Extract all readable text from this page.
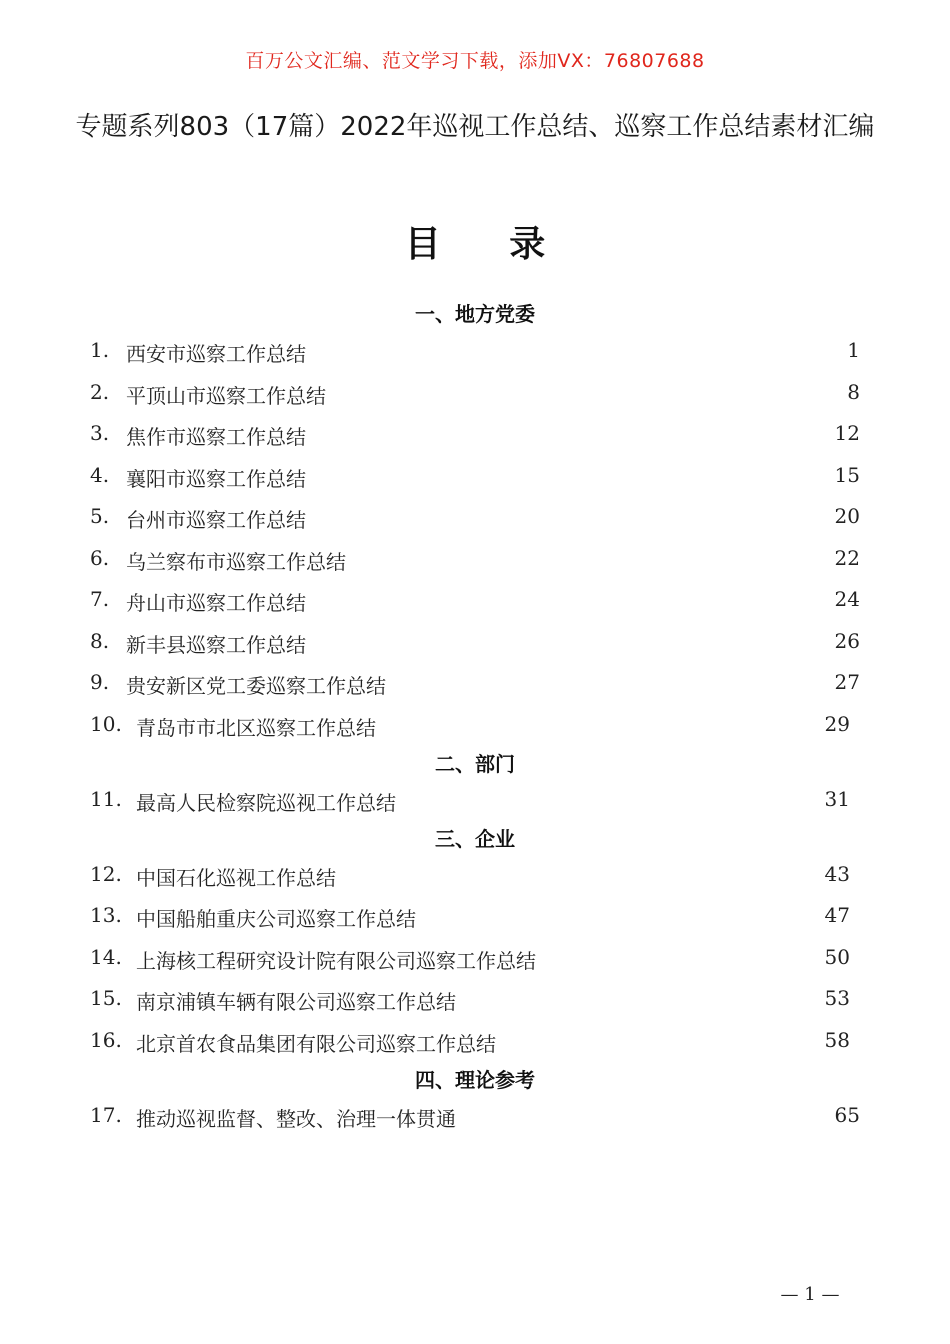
百万公文汇编、范文学习下载，添加VX：76807688
专题系列803（17篇）2022年巡视工作总结、巡察工作总结素材汇编
目 录
一、地方党委
1. 西安市巡察工作总结	1
2. 平顶山市巡察工作总结	8
3. 焦作市巡察工作总结	12
4. 襄阳市巡察工作总结	15
5. 台州市巡察工作总结	20
6. 乌兰察布市巡察工作总结	22
7. 舟山市巡察工作总结	24
8. 新丰县巡察工作总结	26
9. 贵安新区党工委巡察工作总结	27
10. 青岛市市北区巡察工作总结	29
二、部门
11. 最高人民检察院巡视工作总结	31
三、企业
12. 中国石化巡视工作总结	43
13. 中国船舶重庆公司巡察工作总结	47
14. 上海核工程研究设计院有限公司巡察工作总结	50
15. 南京浦镇车辆有限公司巡察工作总结	53
16. 北京首农食品集团有限公司巡察工作总结	58
四、理论参考
17. 推动巡视监督、整改、治理一体贯通	65
— 1 —
